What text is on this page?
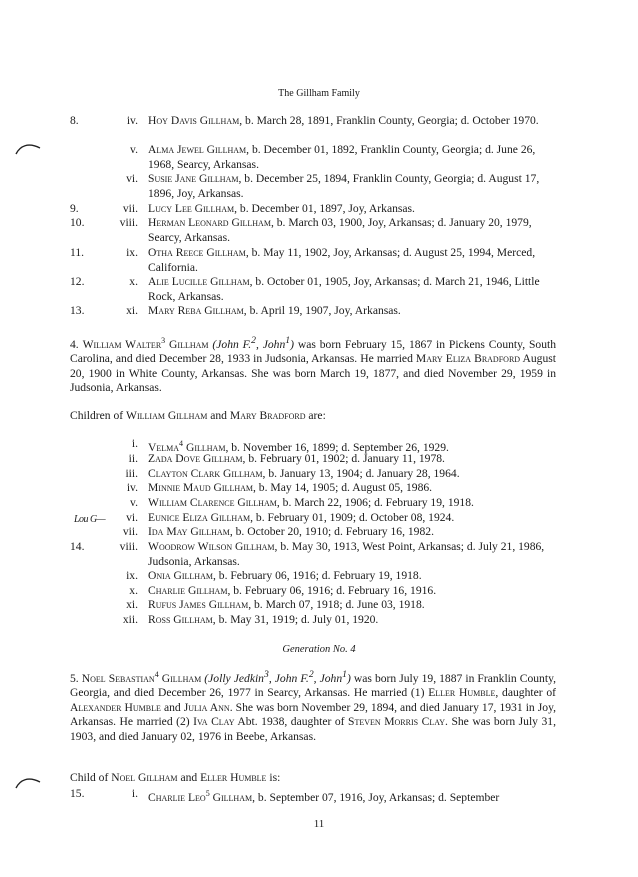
The Gillham Family
8.	iv. Hoy Davis Gillham, b. March 28, 1891, Franklin County, Georgia; d. October 1970.
v. Alma Jewel Gillham, b. December 01, 1892, Franklin County, Georgia; d. June 26, 1968, Searcy, Arkansas.
vi. Susie Jane Gillham, b. December 25, 1894, Franklin County, Georgia; d. August 17, 1896, Joy, Arkansas.
9.	vii. Lucy Lee Gillham, b. December 01, 1897, Joy, Arkansas.
10.	viii. Herman Leonard Gillham, b. March 03, 1900, Joy, Arkansas; d. January 20, 1979, Searcy, Arkansas.
11.	ix. Otha Reece Gillham, b. May 11, 1902, Joy, Arkansas; d. August 25, 1994, Merced, California.
12.	x. Alie Lucille Gillham, b. October 01, 1905, Joy, Arkansas; d. March 21, 1946, Little Rock, Arkansas.
13.	xi. Mary Reba Gillham, b. April 19, 1907, Joy, Arkansas.
4. William Walter$^3$ Gillham (John F.$^2$, John$^1$) was born February 15, 1867 in Pickens County, South Carolina, and died December 28, 1933 in Judsonia, Arkansas. He married Mary Eliza Bradford August 20, 1900 in White County, Arkansas. She was born March 19, 1877, and died November 29, 1959 in Judsonia, Arkansas.
Children of William Gillham and Mary Bradford are:
i. Velma$^4$ Gillham, b. November 16, 1899; d. September 26, 1929.
ii. Zada Dove Gillham, b. February 01, 1902; d. January 11, 1978.
iii. Clayton Clark Gillham, b. January 13, 1904; d. January 28, 1964.
iv. Minnie Maud Gillham, b. May 14, 1905; d. August 05, 1986.
v. William Clarence Gillham, b. March 22, 1906; d. February 19, 1918.
vi. Eunice Eliza Gillham, b. February 01, 1909; d. October 08, 1924.
vii. Ida May Gillham, b. October 20, 1910; d. February 16, 1982.
14.	viii. Woodrow Wilson Gillham, b. May 30, 1913, West Point, Arkansas; d. July 21, 1986, Judsonia, Arkansas.
ix. Onia Gillham, b. February 06, 1916; d. February 19, 1918.
x. Charlie Gillham, b. February 06, 1916; d. February 16, 1916.
xi. Rufus James Gillham, b. March 07, 1918; d. June 03, 1918.
xii. Ross Gillham, b. May 31, 1919; d. July 01, 1920.
Lou G—
Generation No. 4
5. Noel Sebastian$^4$ Gillham (Jolly Jedkin$^3$, John F.$^2$, John$^1$) was born July 19, 1887 in Franklin County, Georgia, and died December 26, 1977 in Searcy, Arkansas. He married (1) Eller Humble, daughter of Alexander Humble and Julia Ann. She was born November 29, 1894, and died January 17, 1931 in Joy, Arkansas. He married (2) Iva Clay Abt. 1938, daughter of Steven Morris Clay. She was born July 31, 1903, and died January 02, 1976 in Beebe, Arkansas.
Child of Noel Gillham and Eller Humble is:
15.	i. Charlie Leo$^5$ Gillham, b. September 07, 1916, Joy, Arkansas; d. September
11
